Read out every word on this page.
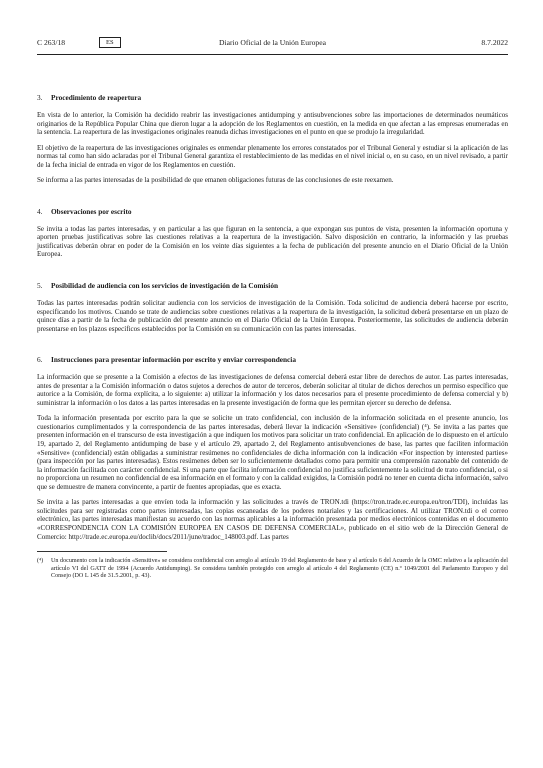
C 263/18	ES	Diario Oficial de la Unión Europea	8.7.2022
3. Procedimiento de reapertura

En vista de lo anterior, la Comisión ha decidido reabrir las investigaciones antidumping y antisubvenciones sobre las importaciones de determinados neumáticos originarios de la República Popular China que dieron lugar a la adopción de los Reglamentos en cuestión, en la medida en que afectan a las empresas enumeradas en la sentencia. La reapertura de las investigaciones originales reanuda dichas investigaciones en el punto en que se produjo la irregularidad.

El objetivo de la reapertura de las investigaciones originales es enmendar plenamente los errores constatados por el Tribunal General y estudiar si la aplicación de las normas tal como han sido aclaradas por el Tribunal General garantiza el restablecimiento de las medidas en el nivel inicial o, en su caso, en un nivel revisado, a partir de la fecha inicial de entrada en vigor de los Reglamentos en cuestión.

Se informa a las partes interesadas de la posibilidad de que emanen obligaciones futuras de las conclusiones de este reexamen.

4. Observaciones por escrito

Se invita a todas las partes interesadas, y en particular a las que figuran en la sentencia, a que expongan sus puntos de vista, presenten la información oportuna y aporten pruebas justificativas sobre las cuestiones relativas a la reapertura de la investigación. Salvo disposición en contrario, la información y las pruebas justificativas deberán obrar en poder de la Comisión en los veinte días siguientes a la fecha de publicación del presente anuncio en el Diario Oficial de la Unión Europea.

5. Posibilidad de audiencia con los servicios de investigación de la Comisión

Todas las partes interesadas podrán solicitar audiencia con los servicios de investigación de la Comisión. Toda solicitud de audiencia deberá hacerse por escrito, especificando los motivos. Cuando se trate de audiencias sobre cuestiones relativas a la reapertura de la investigación, la solicitud deberá presentarse en un plazo de quince días a partir de la fecha de publicación del presente anuncio en el Diario Oficial de la Unión Europea. Posteriormente, las solicitudes de audiencia deberán presentarse en los plazos específicos establecidos por la Comisión en su comunicación con las partes interesadas.

6. Instrucciones para presentar información por escrito y enviar correspondencia

La información que se presente a la Comisión a efectos de las investigaciones de defensa comercial deberá estar libre de derechos de autor. Las partes interesadas, antes de presentar a la Comisión información o datos sujetos a derechos de autor de terceros, deberán solicitar al titular de dichos derechos un permiso específico que autorice a la Comisión, de forma explícita, a lo siguiente: a) utilizar la información y los datos necesarios para el presente procedimiento de defensa comercial y b) suministrar la información o los datos a las partes interesadas en la presente investigación de forma que les permitan ejercer su derecho de defensa.

Toda la información presentada por escrito para la que se solicite un trato confidencial, con inclusión de la información solicitada en el presente anuncio, los cuestionarios cumplimentados y la correspondencia de las partes interesadas, deberá llevar la indicación «Sensitive» (confidencial) (⁴). Se invita a las partes que presenten información en el transcurso de esta investigación a que indiquen los motivos para solicitar un trato confidencial. En aplicación de lo dispuesto en el artículo 19, apartado 2, del Reglamento antidumping de base y el artículo 29, apartado 2, del Reglamento antisubvenciones de base, las partes que faciliten información «Sensitive» (confidencial) están obligadas a suministrar resúmenes no confidenciales de dicha información con la indicación «For inspection by interested parties» (para inspección por las partes interesadas). Estos resúmenes deben ser lo suficientemente detallados como para permitir una comprensión razonable del contenido de la información facilitada con carácter confidencial. Si una parte que facilita información confidencial no justifica suficientemente la solicitud de trato confidencial, o si no proporciona un resumen no confidencial de esa información en el formato y con la calidad exigidos, la Comisión podrá no tener en cuenta dicha información, salvo que se demuestre de manera convincente, a partir de fuentes apropiadas, que es exacta.

Se invita a las partes interesadas a que envíen toda la información y las solicitudes a través de TRON.tdi (https://tron.trade.ec.europa.eu/tron/TDI), incluidas las solicitudes para ser registradas como partes interesadas, las copias escaneadas de los poderes notariales y las certificaciones. Al utilizar TRON.tdi o el correo electrónico, las partes interesadas manifiestan su acuerdo con las normas aplicables a la información presentada por medios electrónicos contenidas en el documento «CORRESPONDENCIA CON LA COMISIÓN EUROPEA EN CASOS DE DEFENSA COMERCIAL», publicado en el sitio web de la Dirección General de Comercio: http://trade.ec.europa.eu/doclib/docs/2011/june/tradoc_148003.pdf. Las partes

(⁴)	Un documento con la indicación «Sensitive» se considera confidencial con arreglo al artículo 19 del Reglamento de base y al artículo 6 del Acuerdo de la OMC relativo a la aplicación del artículo VI del GATT de 1994 (Acuerdo Antidumping). Se considera también protegido con arreglo al artículo 4 del Reglamento (CE) n.º 1049/2001 del Parlamento Europeo y del Consejo (DO L 145 de 31.5.2001, p. 43).
